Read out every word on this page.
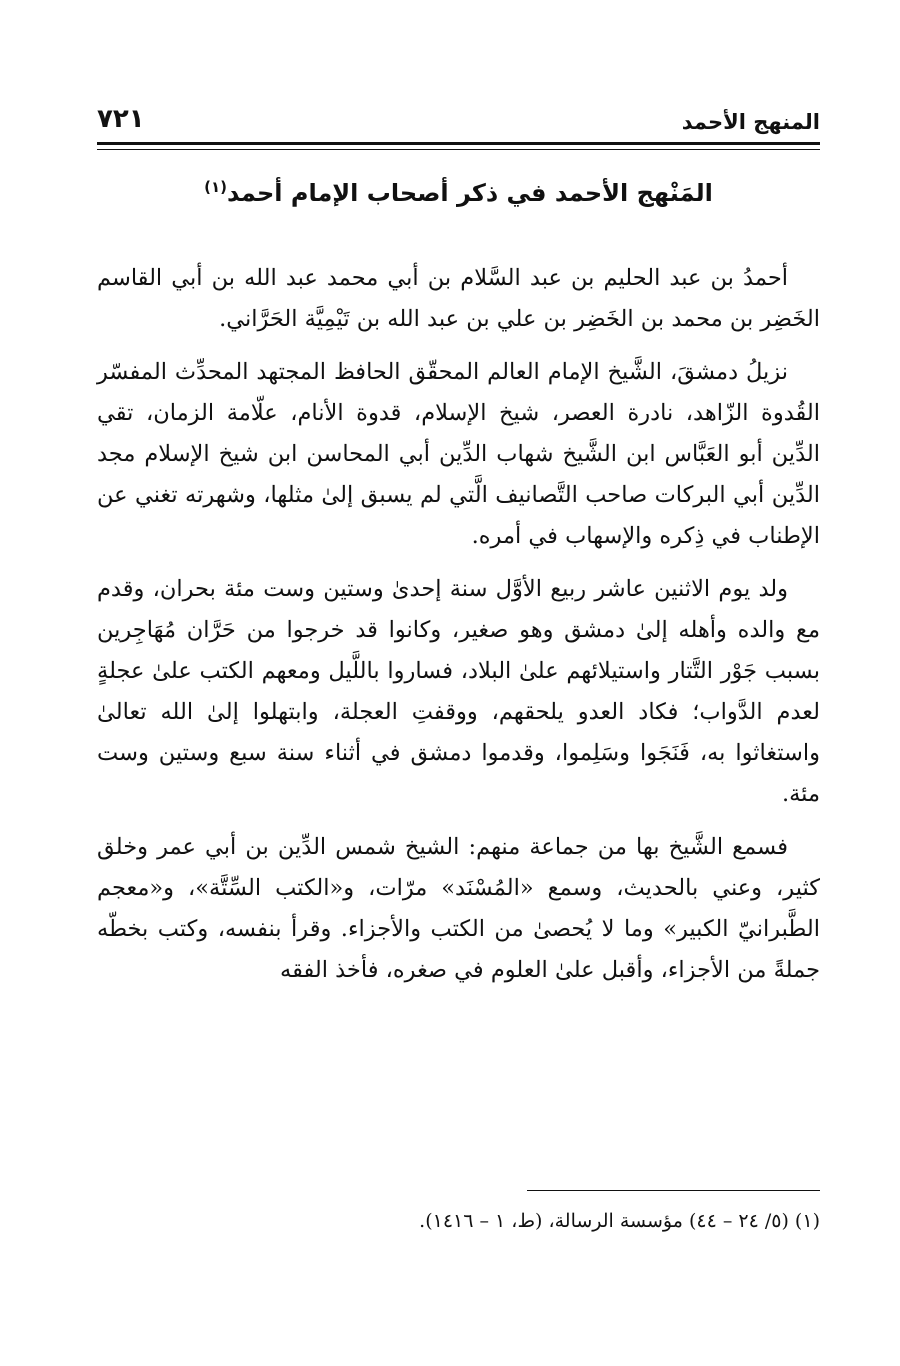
المنهج الأحمد
٧٢١
المَنْهج الأحمد في ذكر أصحاب الإمام أحمد$^{(١)}$

أحمدُ بن عبد الحليم بن عبد السَّلام بن أبي محمد عبد الله بن أبي القاسم الخَضِر بن محمد بن الخَضِر بن علي بن عبد الله بن تَيْمِيَّة الحَرَّاني.

نزيلُ دمشقَ، الشَّيخ الإمام العالم المحقّق الحافظ المجتهد المحدِّث المفسّر القُدوة الزّاهد، نادرة العصر، شيخ الإسلام، قدوة الأنام، علّامة الزمان، تقي الدِّين أبو العَبَّاس ابن الشَّيخ شهاب الدِّين أبي المحاسن ابن شيخ الإسلام مجد الدِّين أبي البركات صاحب التَّصانيف الَّتي لم يسبق إلىٰ مثلها، وشهرته تغني عن الإطناب في ذِكره والإسهاب في أمره.

ولد يوم الاثنين عاشر ربيع الأوَّل سنة إحدىٰ وستين وست مئة بحران، وقدم مع والده وأهله إلىٰ دمشق وهو صغير، وكانوا قد خرجوا من حَرَّان مُهَاجِرين بسبب جَوْر التَّتار واستيلائهم علىٰ البلاد، فساروا باللَّيل ومعهم الكتب علىٰ عجلةٍ لعدم الدَّواب؛ فكاد العدو يلحقهم، ووقفتِ العجلة، وابتهلوا إلىٰ الله تعالىٰ واستغاثوا به، فَنَجَوا وسَلِموا، وقدموا دمشق في أثناء سنة سبع وستين وست مئة.

فسمع الشَّيخ بها من جماعة منهم: الشيخ شمس الدِّين بن أبي عمر وخلق كثير، وعني بالحديث، وسمع «المُسْنَد» مرّات، و«الكتب السِّتَّة»، و«معجم الطَّبرانيّ الكبير» وما لا يُحصىٰ من الكتب والأجزاء. وقرأ بنفسه، وكتب بخطّه جملةً من الأجزاء، وأقبل علىٰ العلوم في صغره، فأخذ الفقه

(١) (٥/ ٢٤ – ٤٤) مؤسسة الرسالة، (ط، ١ – ١٤١٦).
